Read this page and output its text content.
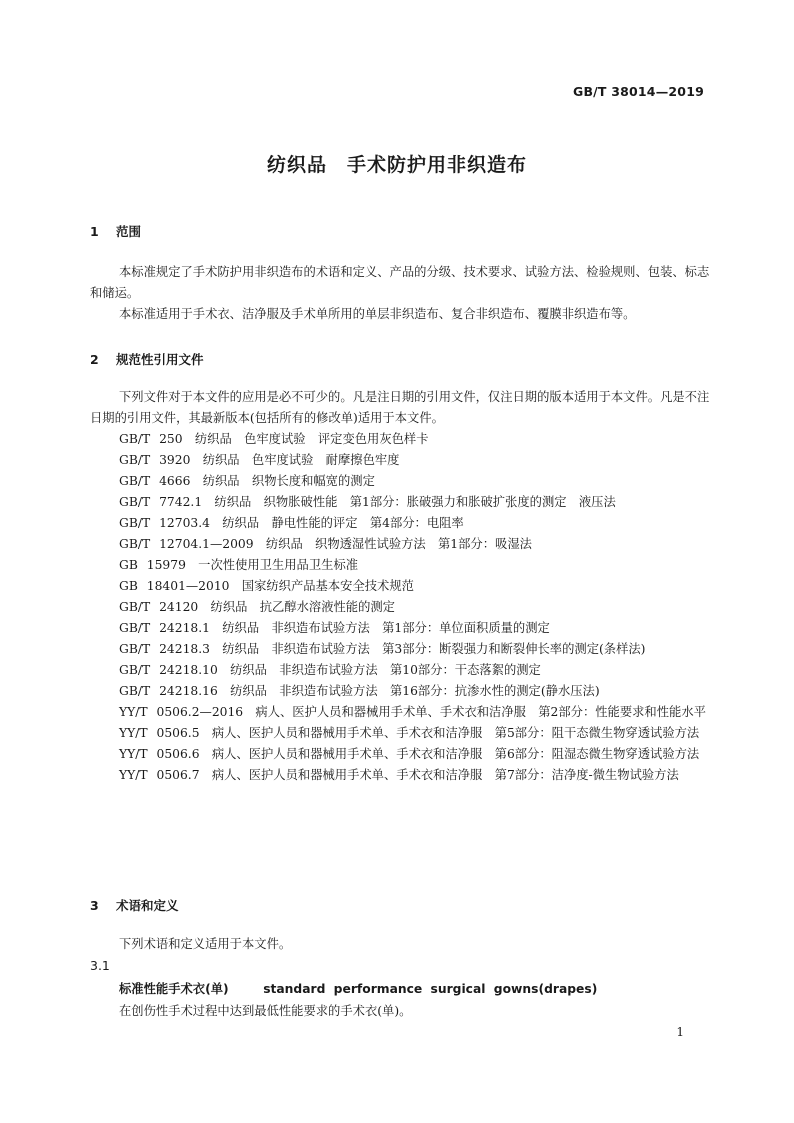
GB/T 38014—2019
纺织品　手术防护用非织造布
1 范围
本标准规定了手术防护用非织造布的术语和定义、产品的分级、技术要求、试验方法、检验规则、包装、标志和储运。
本标准适用于手术衣、洁净服及手术单所用的单层非织造布、复合非织造布、覆膜非织造布等。
2 规范性引用文件
下列文件对于本文件的应用是必不可少的。凡是注日期的引用文件，仅注日期的版本适用于本文件。凡是不注日期的引用文件，其最新版本(包括所有的修改单)适用于本文件。
GB/T 250　纺织品　色牢度试验　评定变色用灰色样卡
GB/T 3920　纺织品　色牢度试验　耐摩擦色牢度
GB/T 4666　纺织品　织物长度和幅宽的测定
GB/T 7742.1　纺织品　织物胀破性能　第1部分：胀破强力和胀破扩张度的测定　液压法
GB/T 12703.4　纺织品　静电性能的评定　第4部分：电阻率
GB/T 12704.1—2009　纺织品　织物透湿性试验方法　第1部分：吸湿法
GB 15979　一次性使用卫生用品卫生标准
GB 18401—2010　国家纺织产品基本安全技术规范
GB/T 24120　纺织品　抗乙醇水溶液性能的测定
GB/T 24218.1　纺织品　非织造布试验方法　第1部分：单位面积质量的测定
GB/T 24218.3　纺织品　非织造布试验方法　第3部分：断裂强力和断裂伸长率的测定(条样法)
GB/T 24218.10　纺织品　非织造布试验方法　第10部分：干态落絮的测定
GB/T 24218.16　纺织品　非织造布试验方法　第16部分：抗渗水性的测定(静水压法)
YY/T 0506.2—2016　病人、医护人员和器械用手术单、手术衣和洁净服　第2部分：性能要求和性能水平
YY/T 0506.5　病人、医护人员和器械用手术单、手术衣和洁净服　第5部分：阻干态微生物穿透试验方法
YY/T 0506.6　病人、医护人员和器械用手术单、手术衣和洁净服　第6部分：阻湿态微生物穿透试验方法
YY/T 0506.7　病人、医护人员和器械用手术单、手术衣和洁净服　第7部分：洁净度-微生物试验方法
3 术语和定义
下列术语和定义适用于本文件。
3.1
标准性能手术衣(单)	standard performance surgical gowns(drapes)
在创伤性手术过程中达到最低性能要求的手术衣(单)。
1
